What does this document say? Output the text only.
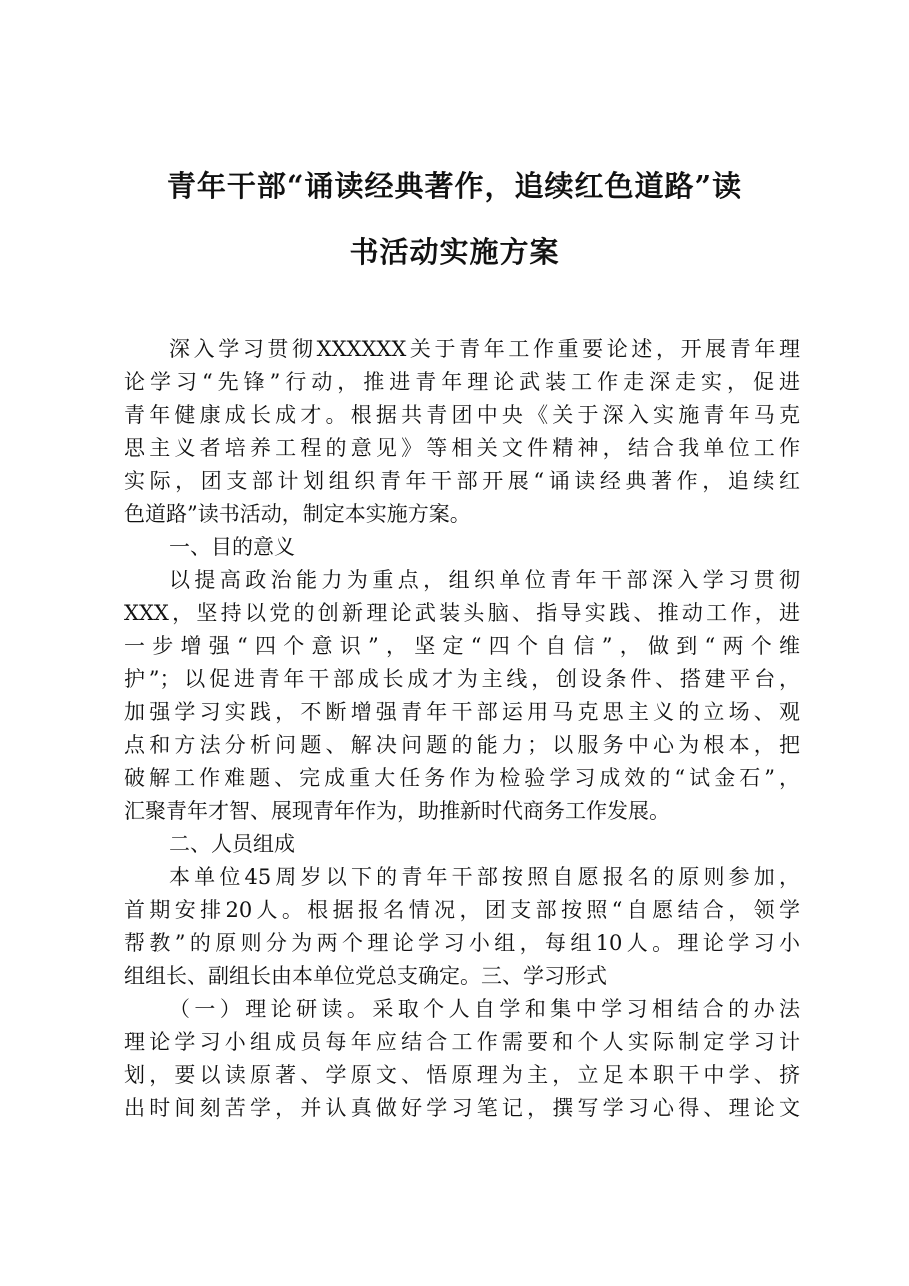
青年干部“诵读经典著作，追续红色道路”读
书活动实施方案
深入学习贯彻XXXXXX关于青年工作重要论述，开展青年理
论学习“先锋”行动，推进青年理论武装工作走深走实，促进
青年健康成长成才。根据共青团中央《关于深入实施青年马克
思主义者培养工程的意见》等相关文件精神，结合我单位工作
实际，团支部计划组织青年干部开展“诵读经典著作，追续红
色道路”读书活动，制定本实施方案。
一、目的意义
以提高政治能力为重点，组织单位青年干部深入学习贯彻
XXX，坚持以党的创新理论武装头脑、指导实践、推动工作，进
一步增强“四个意识”，坚定“四个自信”，做到“两个维
护”；以促进青年干部成长成才为主线，创设条件、搭建平台，
加强学习实践，不断增强青年干部运用马克思主义的立场、观
点和方法分析问题、解决问题的能力；以服务中心为根本，把
破解工作难题、完成重大任务作为检验学习成效的“试金石”，
汇聚青年才智、展现青年作为，助推新时代商务工作发展。
二、人员组成
本单位45周岁以下的青年干部按照自愿报名的原则参加，
首期安排20人。根据报名情况，团支部按照“自愿结合，领学
帮教”的原则分为两个理论学习小组，每组10人。理论学习小
组组长、副组长由本单位党总支确定。三、学习形式
（一）理论研读。采取个人自学和集中学习相结合的办法
理论学习小组成员每年应结合工作需要和个人实际制定学习计
划，要以读原著、学原文、悟原理为主，立足本职干中学、挤
出时间刻苦学，并认真做好学习笔记，撰写学习心得、理论文
